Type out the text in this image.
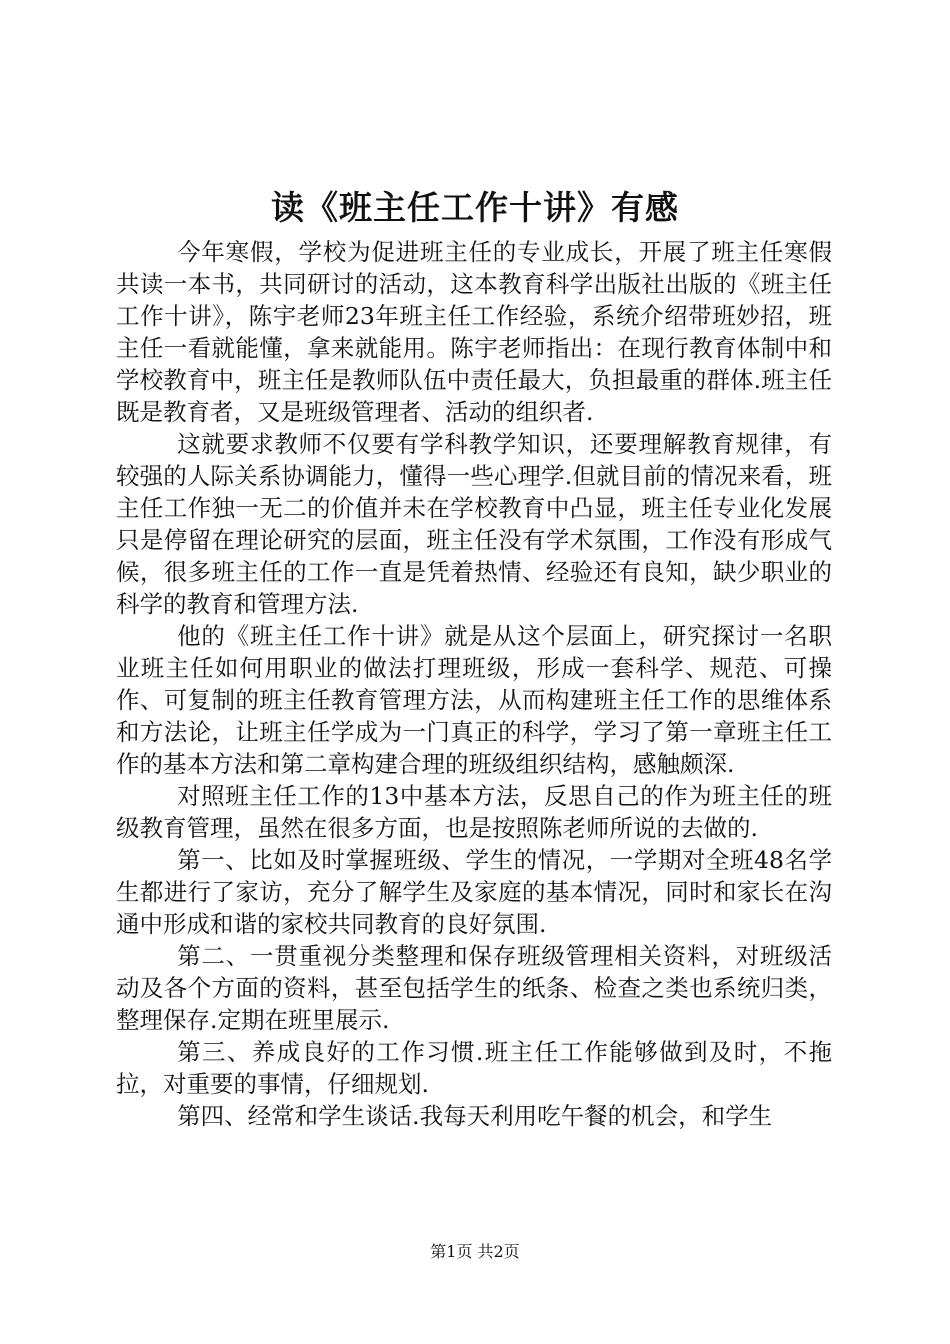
读《班主任工作十讲》有感

今年寒假，学校为促进班主任的专业成长，开展了班主任寒假共读一本书，共同研讨的活动，这本教育科学出版社出版的《班主任工作十讲》，陈宇老师23年班主任工作经验，系统介绍带班妙招，班主任一看就能懂，拿来就能用。陈宇老师指出：在现行教育体制中和学校教育中，班主任是教师队伍中责任最大，负担最重的群体.班主任既是教育者，又是班级管理者、活动的组织者.

这就要求教师不仅要有学科教学知识，还要理解教育规律，有较强的人际关系协调能力，懂得一些心理学.但就目前的情况来看，班主任工作独一无二的价值并未在学校教育中凸显，班主任专业化发展只是停留在理论研究的层面，班主任没有学术氛围，工作没有形成气候，很多班主任的工作一直是凭着热情、经验还有良知，缺少职业的科学的教育和管理方法.

他的《班主任工作十讲》就是从这个层面上，研究探讨一名职业班主任如何用职业的做法打理班级，形成一套科学、规范、可操作、可复制的班主任教育管理方法，从而构建班主任工作的思维体系和方法论，让班主任学成为一门真正的科学，学习了第一章班主任工作的基本方法和第二章构建合理的班级组织结构，感触颇深.

对照班主任工作的13中基本方法，反思自己的作为班主任的班级教育管理，虽然在很多方面，也是按照陈老师所说的去做的.

第一、比如及时掌握班级、学生的情况，一学期对全班48名学生都进行了家访，充分了解学生及家庭的基本情况，同时和家长在沟通中形成和谐的家校共同教育的良好氛围.

第二、一贯重视分类整理和保存班级管理相关资料，对班级活动及各个方面的资料，甚至包括学生的纸条、检查之类也系统归类，整理保存.定期在班里展示.

第三、养成良好的工作习惯.班主任工作能够做到及时，不拖拉，对重要的事情，仔细规划.

第四、经常和学生谈话.我每天利用吃午餐的机会，和学生

第1页 共2页
